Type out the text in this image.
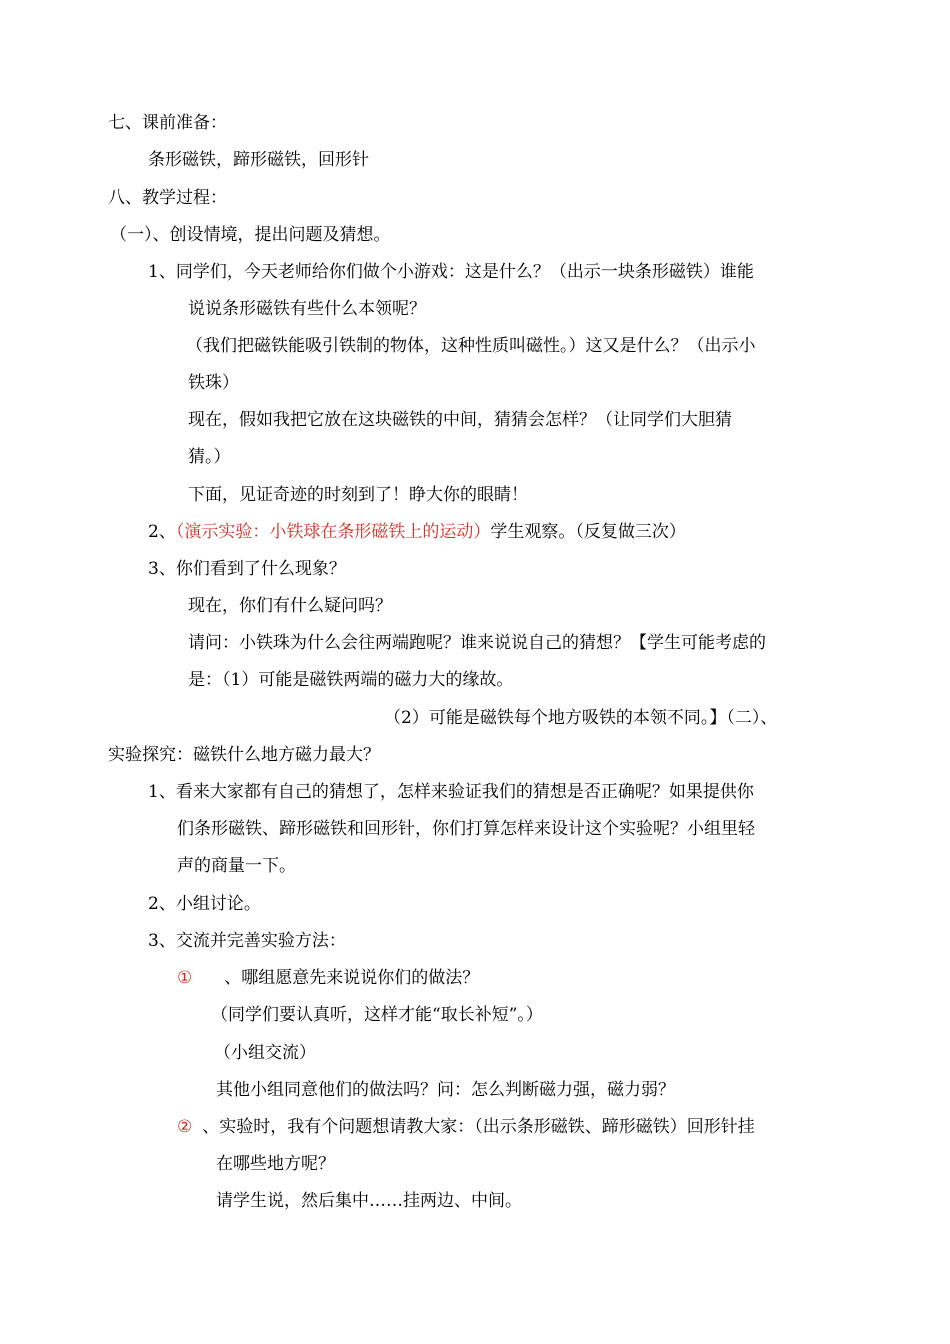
七、课前准备：
条形磁铁，蹄形磁铁，回形针
八、教学过程：
（一）、创设情境，提出问题及猜想。
1、同学们，今天老师给你们做个小游戏：这是什么？（出示一块条形磁铁）谁能
说说条形磁铁有些什么本领呢？
（我们把磁铁能吸引铁制的物体，这种性质叫磁性。）这又是什么？（出示小
铁珠）
现在，假如我把它放在这块磁铁的中间，猜猜会怎样？（让同学们大胆猜
猜。）
下面，见证奇迹的时刻到了！睁大你的眼睛！
2、（演示实验：小铁球在条形磁铁上的运动）学生观察。（反复做三次）
3、你们看到了什么现象？
现在，你们有什么疑问吗？
请问：小铁珠为什么会往两端跑呢？谁来说说自己的猜想？【学生可能考虑的
是：（1）可能是磁铁两端的磁力大的缘故。
（2）可能是磁铁每个地方吸铁的本领不同。】（二）、
实验探究：磁铁什么地方磁力最大？
1、看来大家都有自己的猜想了，怎样来验证我们的猜想是否正确呢？如果提供你
们条形磁铁、蹄形磁铁和回形针，你们打算怎样来设计这个实验呢？小组里轻
声的商量一下。
2、小组讨论。
3、交流并完善实验方法：
① 、哪组愿意先来说说你们的做法？
（同学们要认真听，这样才能“取长补短”。）
（小组交流）
其他小组同意他们的做法吗？问：怎么判断磁力强，磁力弱？
② 、实验时，我有个问题想请教大家：（出示条形磁铁、蹄形磁铁）回形针挂
在哪些地方呢？
请学生说，然后集中……挂两边、中间。
